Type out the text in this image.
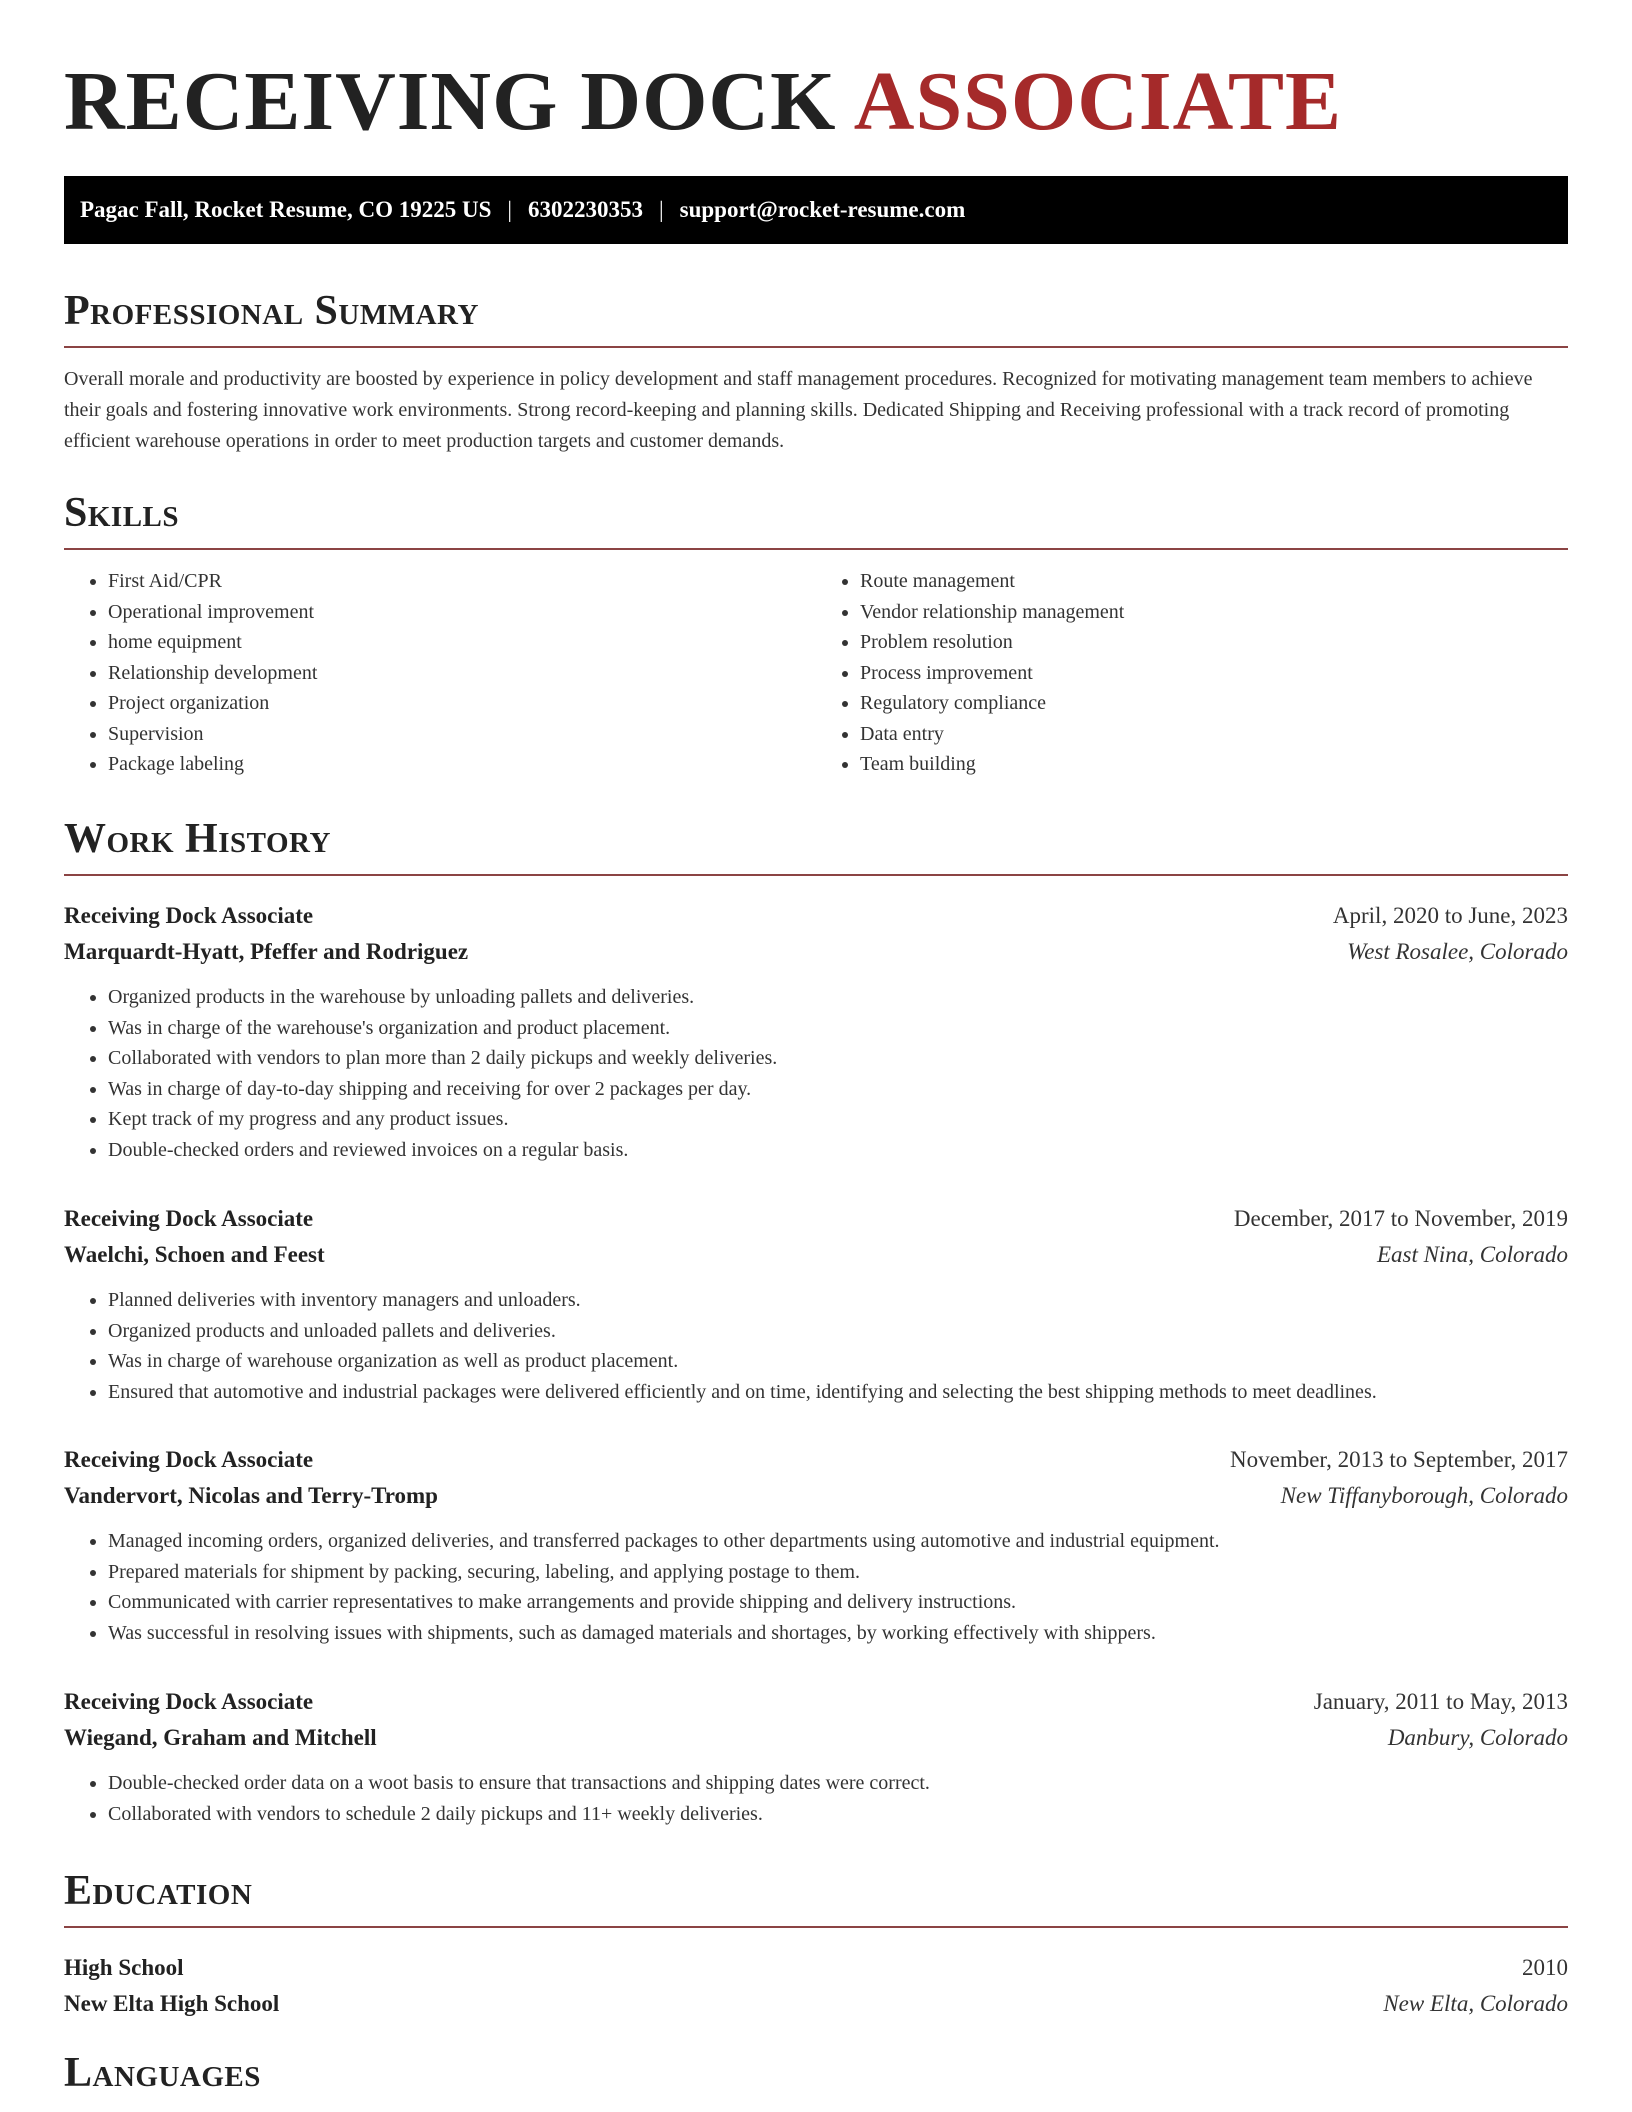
RECEIVING DOCK ASSOCIATE
Pagac Fall, Rocket Resume, CO 19225 US | 6302230353 | support@rocket-resume.com
Professional Summary

Overall morale and productivity are boosted by experience in policy development and staff management procedures. Recognized for motivating management team members to achieve their goals and fostering innovative work environments. Strong record-keeping and planning skills. Dedicated Shipping and Receiving professional with a track record of promoting efficient warehouse operations in order to meet production targets and customer demands.

Skills
• First Aid/CPR
• Operational improvement
• home equipment
• Relationship development
• Project organization
• Supervision
• Package labeling
• Route management
• Vendor relationship management
• Problem resolution
• Process improvement
• Regulatory compliance
• Data entry
• Team building
Work History
Receiving Dock Associate	April, 2020 to June, 2023
Marquardt-Hyatt, Pfeffer and Rodriguez	West Rosalee, Colorado
• Organized products in the warehouse by unloading pallets and deliveries.
• Was in charge of the warehouse's organization and product placement.
• Collaborated with vendors to plan more than 2 daily pickups and weekly deliveries.
• Was in charge of day-to-day shipping and receiving for over 2 packages per day.
• Kept track of my progress and any product issues.
• Double-checked orders and reviewed invoices on a regular basis.
Receiving Dock Associate	December, 2017 to November, 2019
Waelchi, Schoen and Feest	East Nina, Colorado
• Planned deliveries with inventory managers and unloaders.
• Organized products and unloaded pallets and deliveries.
• Was in charge of warehouse organization as well as product placement.
• Ensured that automotive and industrial packages were delivered efficiently and on time, identifying and selecting the best shipping methods to meet deadlines.
Receiving Dock Associate	November, 2013 to September, 2017
Vandervort, Nicolas and Terry-Tromp	New Tiffanyborough, Colorado
• Managed incoming orders, organized deliveries, and transferred packages to other departments using automotive and industrial equipment.
• Prepared materials for shipment by packing, securing, labeling, and applying postage to them.
• Communicated with carrier representatives to make arrangements and provide shipping and delivery instructions.
• Was successful in resolving issues with shipments, such as damaged materials and shortages, by working effectively with shippers.
Receiving Dock Associate	January, 2011 to May, 2013
Wiegand, Graham and Mitchell	Danbury, Colorado
• Double-checked order data on a woot basis to ensure that transactions and shipping dates were correct.
• Collaborated with vendors to schedule 2 daily pickups and 11+ weekly deliveries.
Education
High School	2010
New Elta High School	New Elta, Colorado
Languages
